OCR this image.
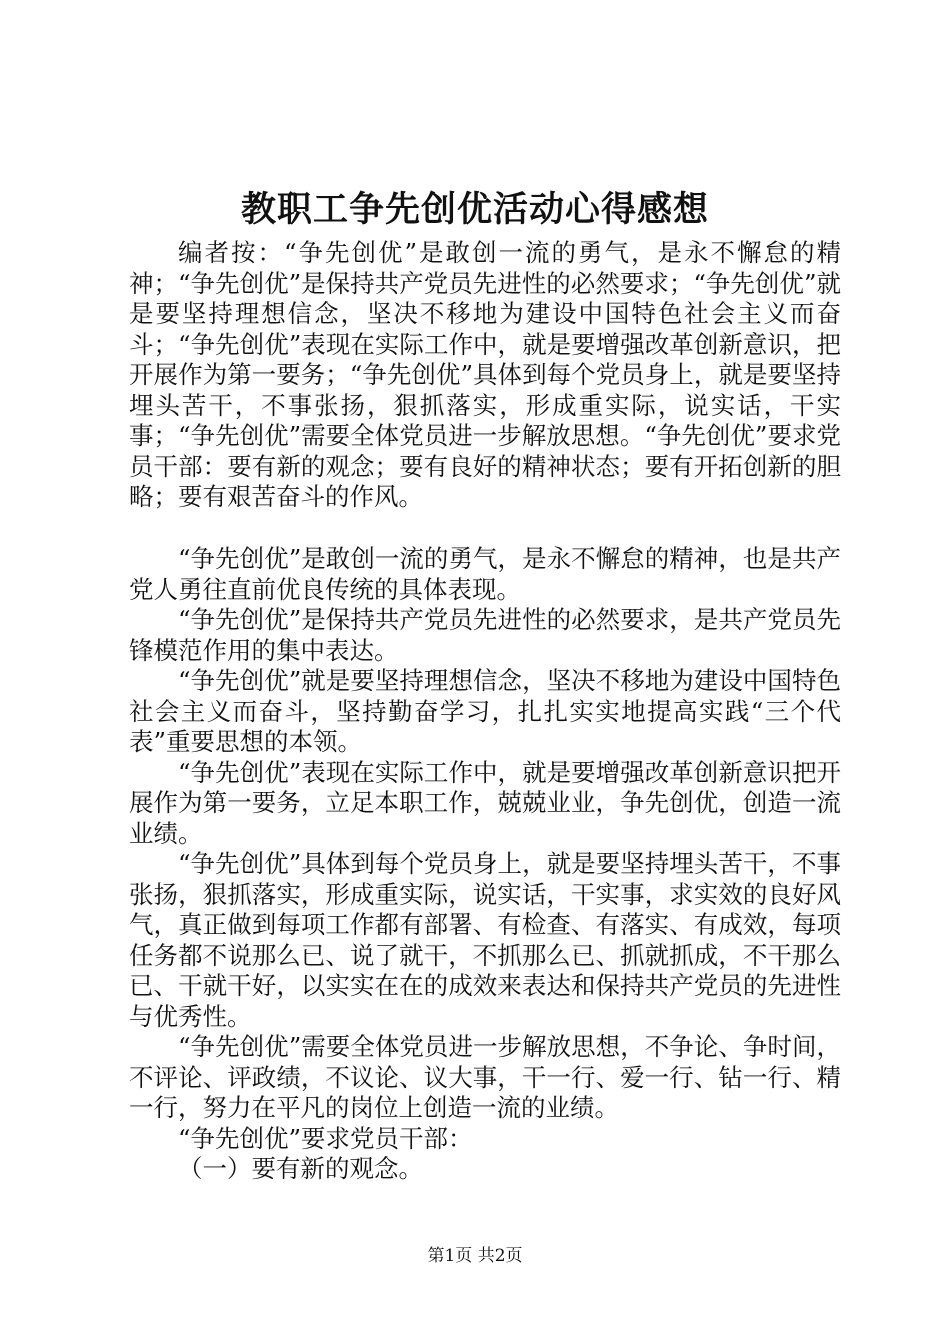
教职工争先创优活动心得感想

编者按：“争先创优”是敢创一流的勇气，是永不懈怠的精神；“争先创优”是保持共产党员先进性的必然要求；“争先创优”就是要坚持理想信念，坚决不移地为建设中国特色社会主义而奋斗；“争先创优”表现在实际工作中，就是要增强改革创新意识，把开展作为第一要务；“争先创优”具体到每个党员身上，就是要坚持埋头苦干，不事张扬，狠抓落实，形成重实际，说实话，干实事；“争先创优”需要全体党员进一步解放思想。“争先创优”要求党员干部：要有新的观念；要有良好的精神状态；要有开拓创新的胆略；要有艰苦奋斗的作风。

“争先创优”是敢创一流的勇气，是永不懈怠的精神，也是共产党人勇往直前优良传统的具体表现。

“争先创优”是保持共产党员先进性的必然要求，是共产党员先锋模范作用的集中表达。

“争先创优”就是要坚持理想信念，坚决不移地为建设中国特色社会主义而奋斗，坚持勤奋学习，扎扎实实地提高实践“三个代表”重要思想的本领。

“争先创优”表现在实际工作中，就是要增强改革创新意识把开展作为第一要务，立足本职工作，兢兢业业，争先创优，创造一流业绩。

“争先创优”具体到每个党员身上，就是要坚持埋头苦干，不事张扬，狠抓落实，形成重实际，说实话，干实事，求实效的良好风气，真正做到每项工作都有部署、有检查、有落实、有成效，每项任务都不说那么已、说了就干，不抓那么已、抓就抓成，不干那么已、干就干好，以实实在在的成效来表达和保持共产党员的先进性与优秀性。

“争先创优”需要全体党员进一步解放思想，不争论、争时间，不评论、评政绩，不议论、议大事，干一行、爱一行、钻一行、精一行，努力在平凡的岗位上创造一流的业绩。

“争先创优”要求党员干部：

（一）要有新的观念。

第1页 共2页
